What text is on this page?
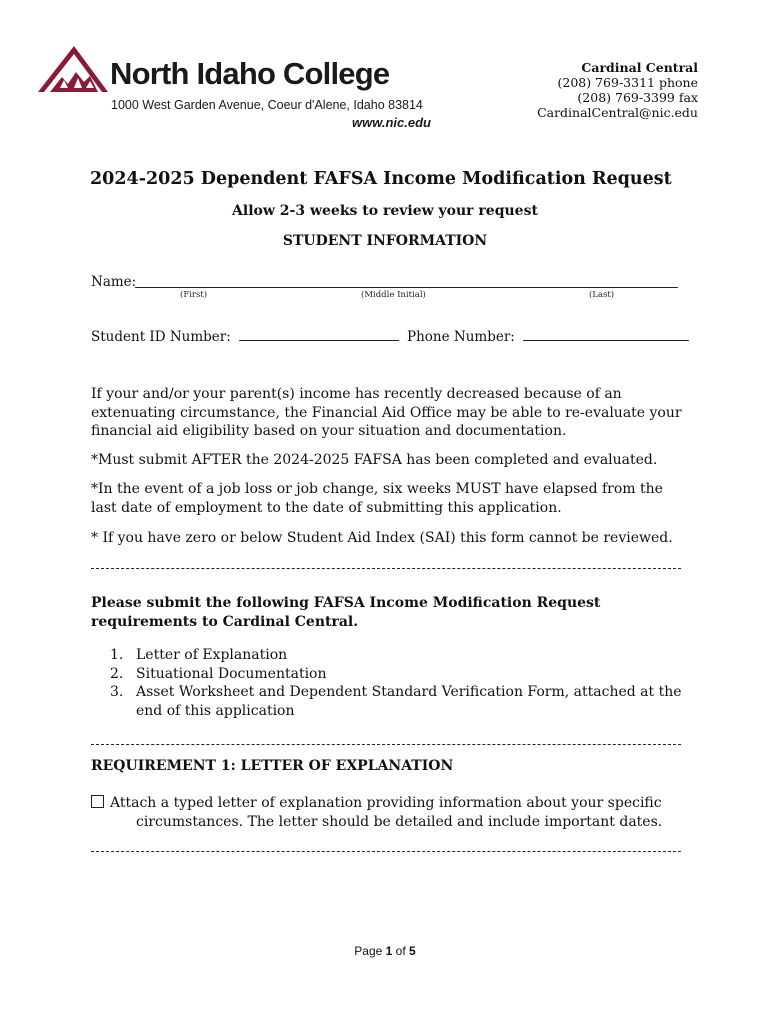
North Idaho College
1000 West Garden Avenue, Coeur d'Alene, Idaho 83814
www.nic.edu
Cardinal Central
(208) 769-3311 phone
(208) 769-3399 fax
CardinalCentral@nic.edu
2024-2025 Dependent FAFSA Income Modification Request
Allow 2-3 weeks to review your request
STUDENT INFORMATION
Name:
(First)	(Middle Initial)	(Last)
Student ID Number:	Phone Number:
If your and/or your parent(s) income has recently decreased because of an extenuating circumstance, the Financial Aid Office may be able to re-evaluate your financial aid eligibility based on your situation and documentation.
*Must submit AFTER the 2024-2025 FAFSA has been completed and evaluated.
*In the event of a job loss or job change, six weeks MUST have elapsed from the last date of employment to the date of submitting this application.
* If you have zero or below Student Aid Index (SAI) this form cannot be reviewed.
Please submit the following FAFSA Income Modification Request requirements to Cardinal Central.
1. Letter of Explanation
2. Situational Documentation
3. Asset Worksheet and Dependent Standard Verification Form, attached at the end of this application
REQUIREMENT 1: LETTER OF EXPLANATION
Attach a typed letter of explanation providing information about your specific
circumstances. The letter should be detailed and include important dates.
Page 1 of 5
